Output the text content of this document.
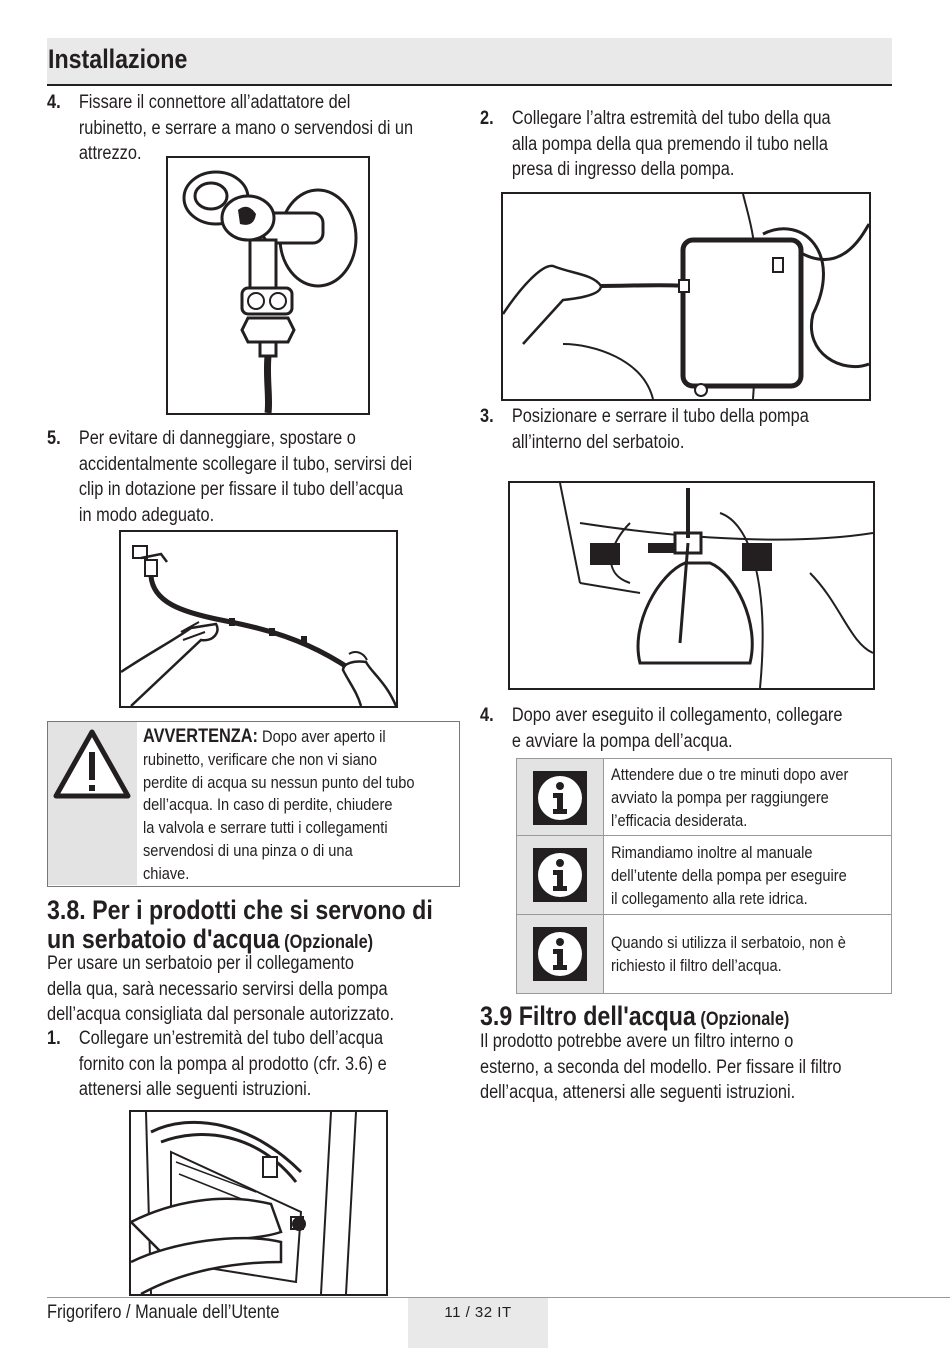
Installazione
4. Fissare il connettore all’adattatore del
rubinetto, e serrare a mano o servendosi di un
attrezzo.
5. Per evitare di danneggiare, spostare o
accidentalmente scollegare il tubo, servirsi dei
clip in dotazione per fissare il tubo dell’acqua
in modo adeguato.
AVVERTENZA: Dopo aver aperto il
rubinetto, verificare che non vi siano
perdite di acqua su nessun punto del tubo
dell’acqua. In caso di perdite, chiudere
la valvola e serrare tutti i collegamenti
servendosi di una pinza o di una
chiave.
3.8. Per i prodotti che si servono di
un serbatoio d'acqua (Opzionale)
Per usare un serbatoio per il collegamento
della qua, sarà necessario servirsi della pompa
dell’acqua consigliata dal personale autorizzato.
1. Collegare un’estremità del tubo dell’acqua
fornito con la pompa al prodotto (cfr. 3.6) e
attenersi alle seguenti istruzioni.
2. Collegare l’altra estremità del tubo della qua
alla pompa della qua premendo il tubo nella
presa di ingresso della pompa.
3. Posizionare e serrare il tubo della pompa
all’interno del serbatoio.
4. Dopo aver eseguito il collegamento, collegare
e avviare la pompa dell’acqua.
Attendere due o tre minuti dopo aver
avviato la pompa per raggiungere
l’efficacia desiderata.
Rimandiamo inoltre al manuale
dell’utente della pompa per eseguire
il collegamento alla rete idrica.
Quando si utilizza il serbatoio, non è
richiesto il filtro dell’acqua.
3.9 Filtro dell'acqua (Opzionale)
Il prodotto potrebbe avere un filtro interno o
esterno, a seconda del modello. Per fissare il filtro
dell’acqua, attenersi alle seguenti istruzioni.
Frigorifero / Manuale dell’Utente	11 / 32 IT
